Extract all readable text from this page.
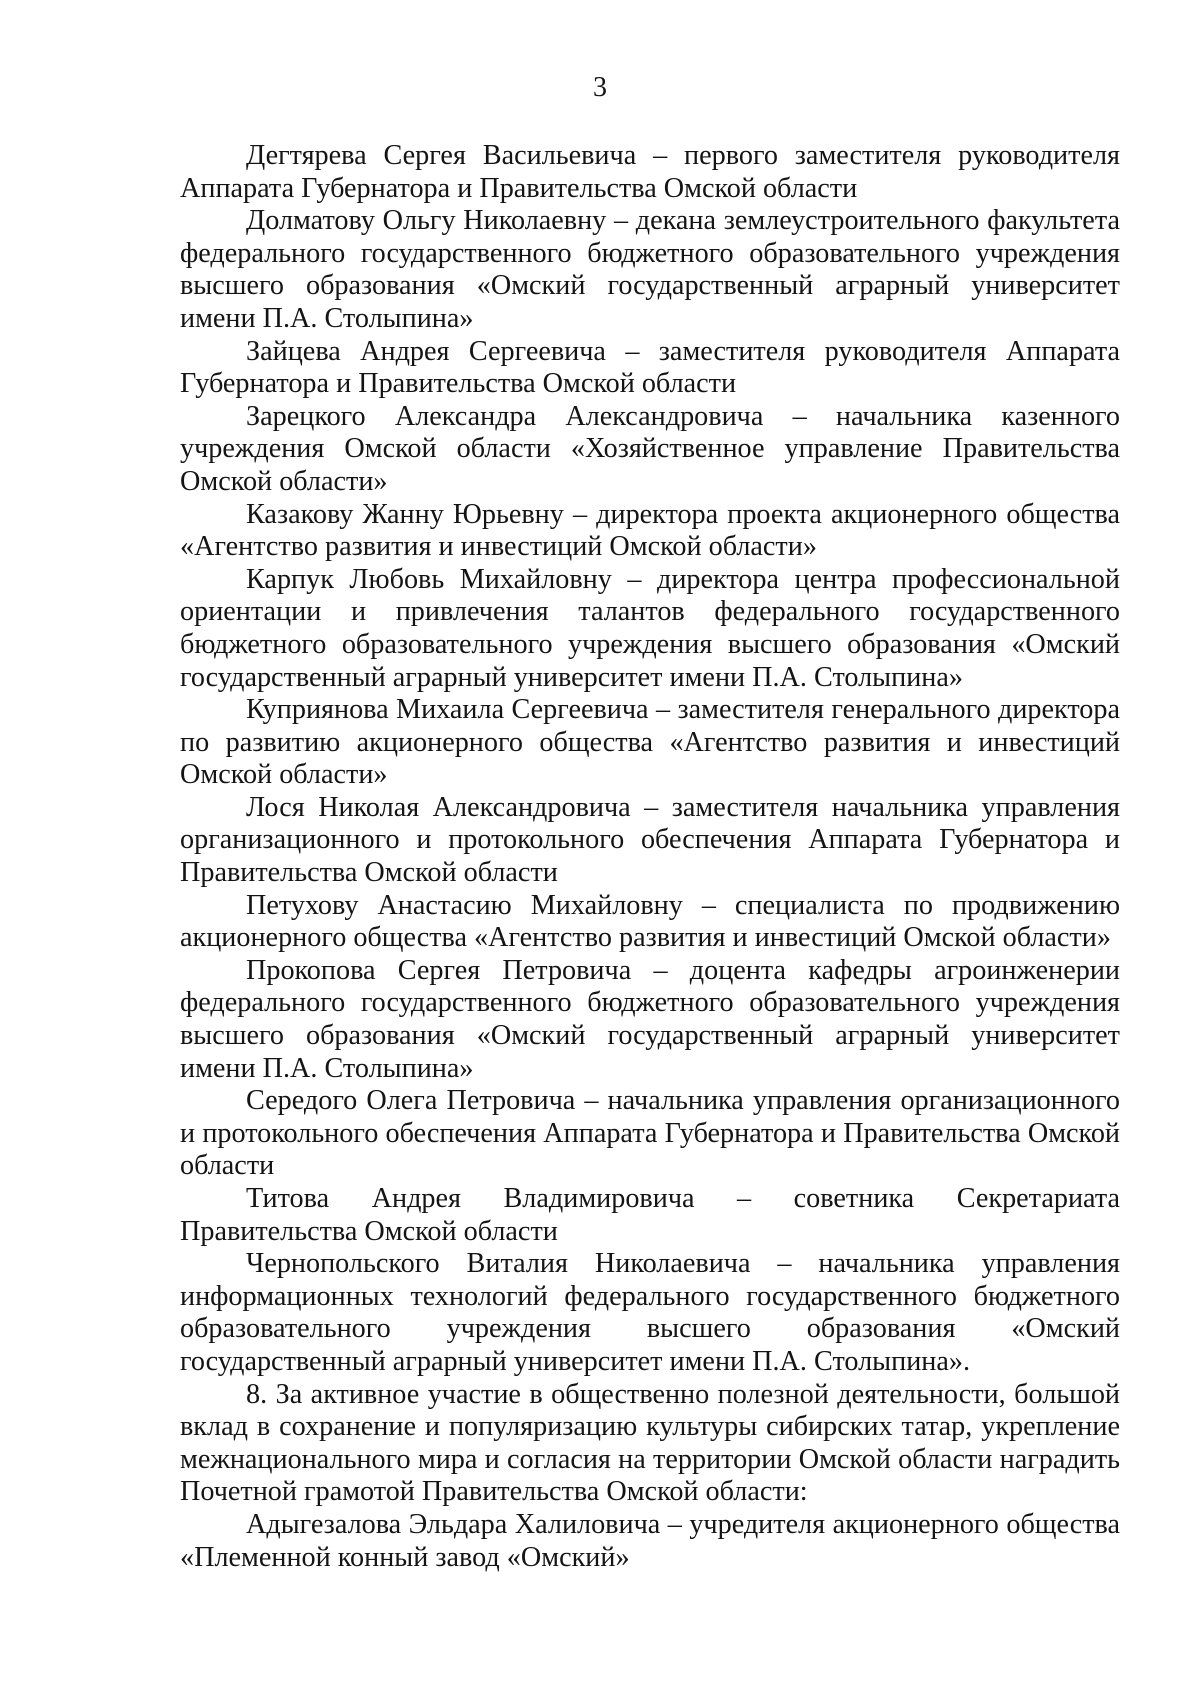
3

Дегтярева Сергея Васильевича – первого заместителя руководителя Аппарата Губернатора и Правительства Омской области

Долматову Ольгу Николаевну – декана землеустроительного факультета федерального государственного бюджетного образовательного учреждения высшего образования «Омский государственный аграрный университет имени П.А. Столыпина»

Зайцева Андрея Сергеевича – заместителя руководителя Аппарата Губернатора и Правительства Омской области

Зарецкого Александра Александровича – начальника казенного учреждения Омской области «Хозяйственное управление Правительства Омской области»

Казакову Жанну Юрьевну – директора проекта акционерного общества «Агентство развития и инвестиций Омской области»

Карпук Любовь Михайловну – директора центра профессиональной ориентации и привлечения талантов федерального государственного бюджетного образовательного учреждения высшего образования «Омский государственный аграрный университет имени П.А. Столыпина»

Куприянова Михаила Сергеевича – заместителя генерального директора по развитию акционерного общества «Агентство развития и инвестиций Омской области»

Лося Николая Александровича – заместителя начальника управления организационного и протокольного обеспечения Аппарата Губернатора и Правительства Омской области

Петухову Анастасию Михайловну – специалиста по продвижению акционерного общества «Агентство развития и инвестиций Омской области»

Прокопова Сергея Петровича – доцента кафедры агроинженерии федерального государственного бюджетного образовательного учреждения высшего образования «Омский государственный аграрный университет имени П.А. Столыпина»

Середого Олега Петровича – начальника управления организационного и протокольного обеспечения Аппарата Губернатора и Правительства Омской области

Титова Андрея Владимировича – советника Секретариата Правительства Омской области

Чернопольского Виталия Николаевича – начальника управления информационных технологий федерального государственного бюджетного образовательного учреждения высшего образования «Омский государственный аграрный университет имени П.А. Столыпина».

8. За активное участие в общественно полезной деятельности, большой вклад в сохранение и популяризацию культуры сибирских татар, укрепление межнационального мира и согласия на территории Омской области наградить Почетной грамотой Правительства Омской области:

Адыгезалова Эльдара Халиловича – учредителя акционерного общества «Племенной конный завод «Омский»
